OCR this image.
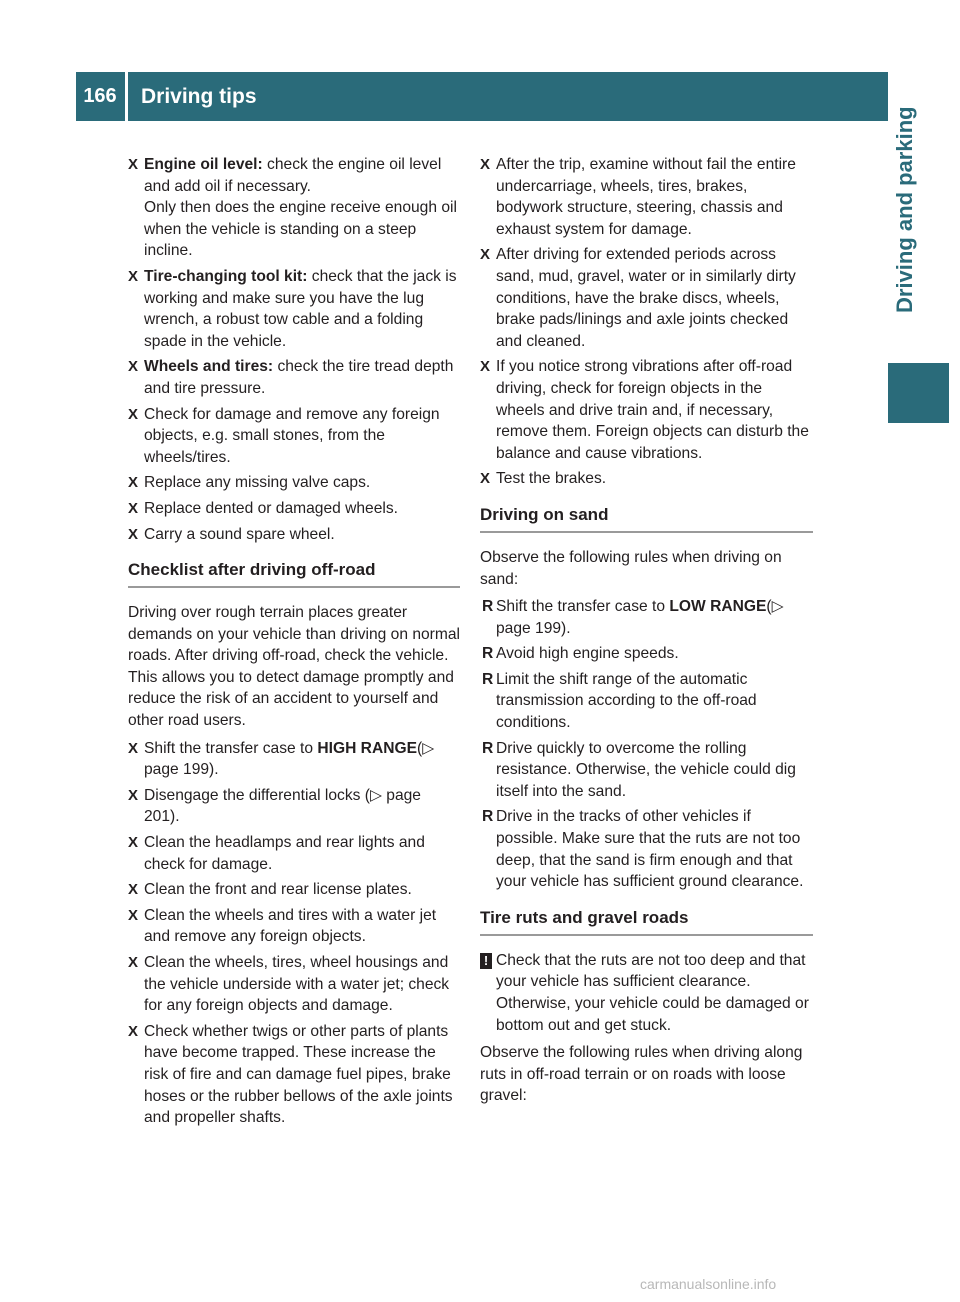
166	Driving tips
X Engine oil level: check the engine oil level and add oil if necessary.
Only then does the engine receive enough oil when the vehicle is standing on a steep incline.
X Tire-changing tool kit: check that the jack is working and make sure you have the lug wrench, a robust tow cable and a folding spade in the vehicle.
X Wheels and tires: check the tire tread depth and tire pressure.
X Check for damage and remove any foreign objects, e.g. small stones, from the wheels/tires.
X Replace any missing valve caps.
X Replace dented or damaged wheels.
X Carry a sound spare wheel.
Checklist after driving off-road
Driving over rough terrain places greater demands on your vehicle than driving on normal roads. After driving off-road, check the vehicle. This allows you to detect damage promptly and reduce the risk of an accident to yourself and other road users.
X Shift the transfer case to HIGH RANGE(▷ page 199).
X Disengage the differential locks (▷ page 201).
X Clean the headlamps and rear lights and check for damage.
X Clean the front and rear license plates.
X Clean the wheels and tires with a water jet and remove any foreign objects.
X Clean the wheels, tires, wheel housings and the vehicle underside with a water jet; check for any foreign objects and damage.
X Check whether twigs or other parts of plants have become trapped. These increase the risk of fire and can damage fuel pipes, brake hoses or the rubber bellows of the axle joints and propeller shafts.
X After the trip, examine without fail the entire undercarriage, wheels, tires, brakes, bodywork structure, steering, chassis and exhaust system for damage.
X After driving for extended periods across sand, mud, gravel, water or in similarly dirty conditions, have the brake discs, wheels, brake pads/linings and axle joints checked and cleaned.
X If you notice strong vibrations after off-road driving, check for foreign objects in the wheels and drive train and, if necessary, remove them. Foreign objects can disturb the balance and cause vibrations.
X Test the brakes.
Driving on sand
Observe the following rules when driving on sand:
R Shift the transfer case to LOW RANGE(▷ page 199).
R Avoid high engine speeds.
R Limit the shift range of the automatic transmission according to the off-road conditions.
R Drive quickly to overcome the rolling resistance. Otherwise, the vehicle could dig itself into the sand.
R Drive in the tracks of other vehicles if possible. Make sure that the ruts are not too deep, that the sand is firm enough and that your vehicle has sufficient ground clearance.
Tire ruts and gravel roads
! Check that the ruts are not too deep and that your vehicle has sufficient clearance. Otherwise, your vehicle could be damaged or bottom out and get stuck.
Observe the following rules when driving along ruts in off-road terrain or on roads with loose gravel:
carmanualsonline.info
